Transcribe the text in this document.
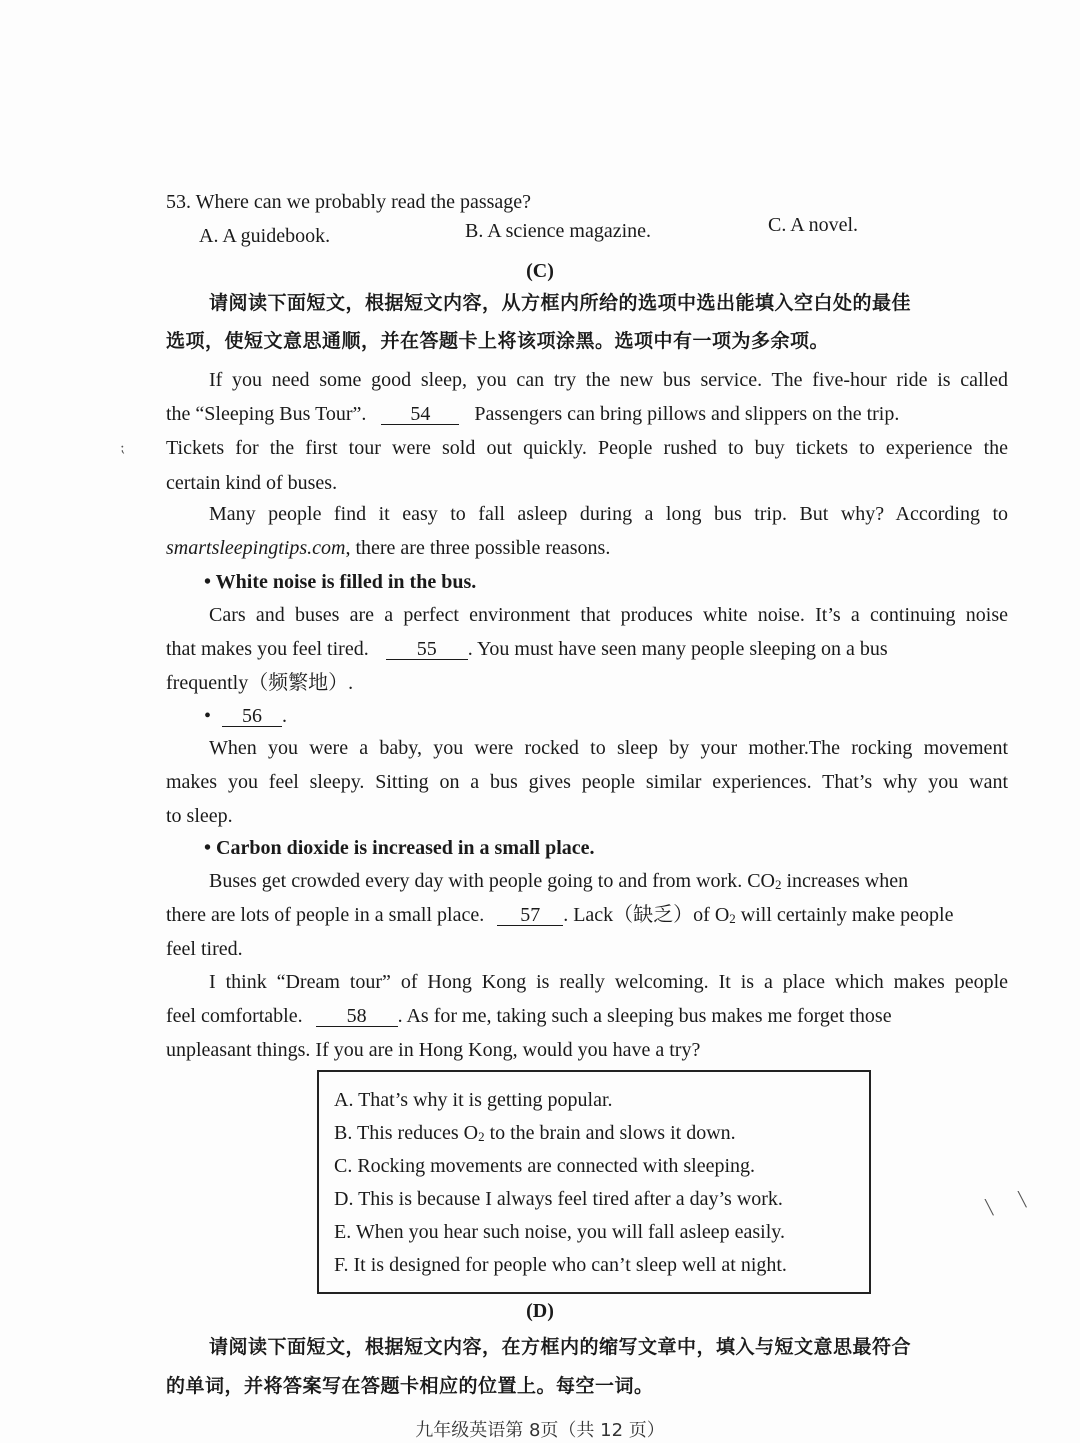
53. Where can we probably read the passage?
A. A guidebook.	B. A science magazine.	C. A novel.
(C)
请阅读下面短文，根据短文内容，从方框内所给的选项中选出能填入空白处的最佳
选项，使短文意思通顺，并在答题卡上将该项涂黑。选项中有一项为多余项。
If you need some good sleep, you can try the new bus service. The five-hour ride is called
the “Sleeping Bus Tour”. 54 Passengers can bring pillows and slippers on the trip.
Tickets for the first tour were sold out quickly. People rushed to buy tickets to experience the
certain kind of buses.
Many people find it easy to fall asleep during a long bus trip. But why? According to
smartsleepingtips.com, there are three possible reasons.
• White noise is filled in the bus.
Cars and buses are a perfect environment that produces white noise. It’s a continuing noise
that makes you feel tired. 55 . You must have seen many people sleeping on a bus
frequently（频繁地）.
• 56 .
When you were a baby, you were rocked to sleep by your mother.The rocking movement
makes you feel sleepy. Sitting on a bus gives people similar experiences. That’s why you want
to sleep.
• Carbon dioxide is increased in a small place.
Buses get crowded every day with people going to and from work. $CO_2$ increases when
there are lots of people in a small place. 57 . Lack（缺乏）of $O_2$ will certainly make people
feel tired.
I think “Dream tour” of Hong Kong is really welcoming. It is a place which makes people
feel comfortable. 58 . As for me, taking such a sleeping bus makes me forget those
unpleasant things. If you are in Hong Kong, would you have a try?
A. That’s why it is getting popular.
B. This reduces $O_2$ to the brain and slows it down.
C. Rocking movements are connected with sleeping.
D. This is because I always feel tired after a day’s work.
E. When you hear such noise, you will fall asleep easily.
F. It is designed for people who can’t sleep well at night.
(D)
请阅读下面短文，根据短文内容，在方框内的缩写文章中，填入与短文意思最符合
的单词，并将答案写在答题卡相应的位置上。每空一词。
九年级英语第 8页（共 12 页）
⁏
╲
╲
